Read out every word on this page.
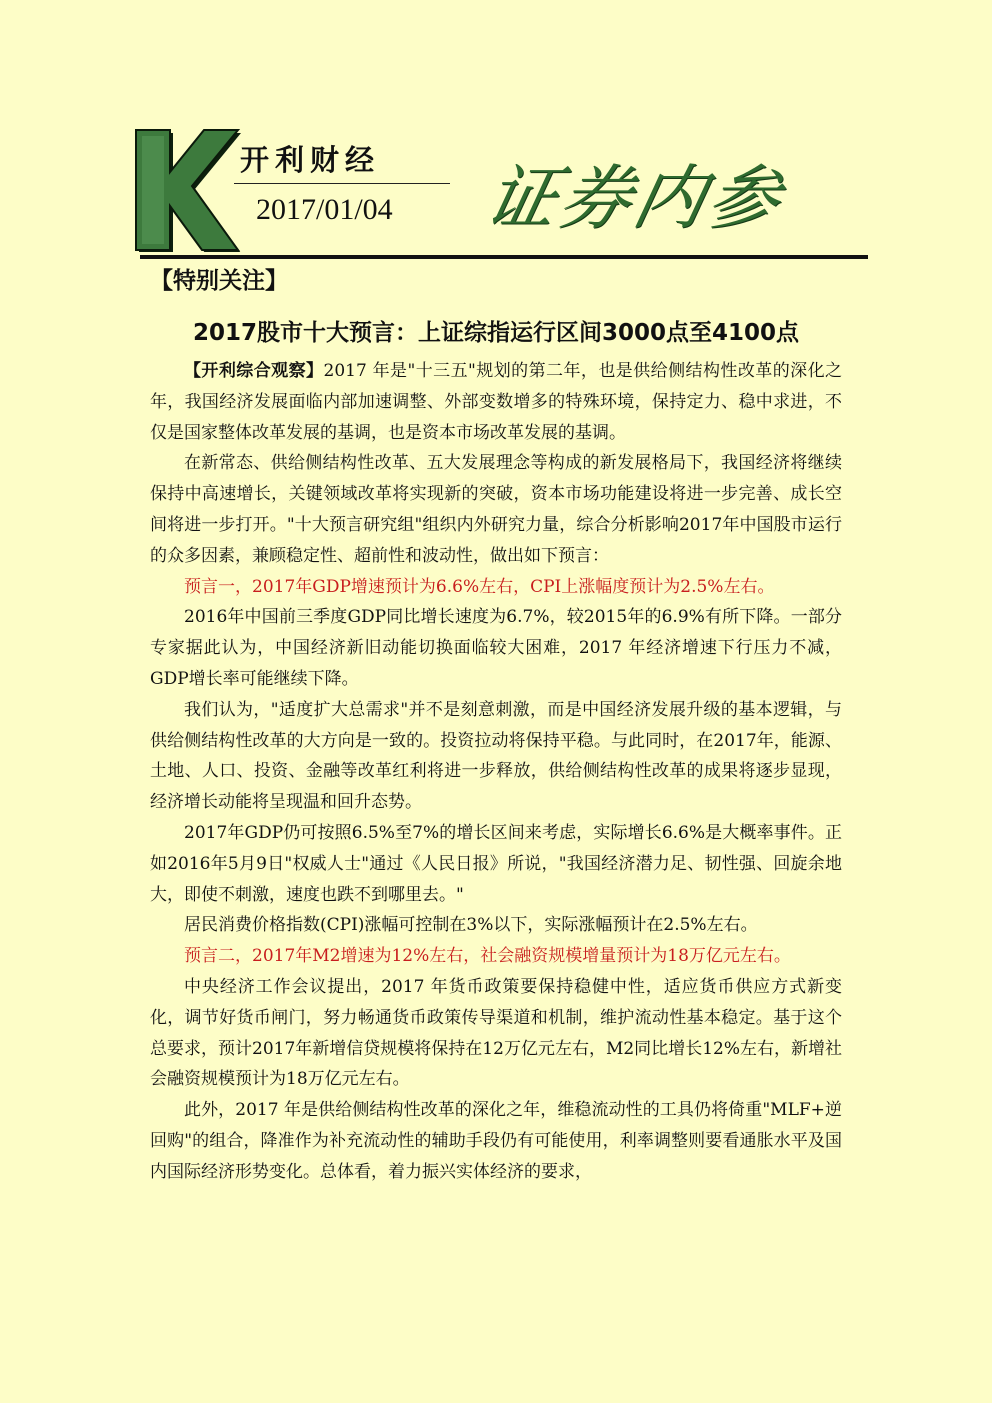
开利财经
2017/01/04 证券内参
【特别关注】
2017股市十大预言：上证综指运行区间3000点至4100点

【开利综合观察】2017 年是"十三五"规划的第二年，也是供给侧结构性改革的深化之年，我国经济发展面临内部加速调整、外部变数增多的特殊环境，保持定力、稳中求进，不仅是国家整体改革发展的基调，也是资本市场改革发展的基调。

在新常态、供给侧结构性改革、五大发展理念等构成的新发展格局下，我国经济将继续保持中高速增长，关键领域改革将实现新的突破，资本市场功能建设将进一步完善、成长空间将进一步打开。"十大预言研究组"组织内外研究力量，综合分析影响2017年中国股市运行的众多因素，兼顾稳定性、超前性和波动性，做出如下预言：

预言一，2017年GDP增速预计为6.6%左右，CPI上涨幅度预计为2.5%左右。

2016年中国前三季度GDP同比增长速度为6.7%，较2015年的6.9%有所下降。一部分专家据此认为，中国经济新旧动能切换面临较大困难，2017 年经济增速下行压力不减，GDP增长率可能继续下降。

我们认为，"适度扩大总需求"并不是刻意刺激，而是中国经济发展升级的基本逻辑，与供给侧结构性改革的大方向是一致的。投资拉动将保持平稳。与此同时，在2017年，能源、土地、人口、投资、金融等改革红利将进一步释放，供给侧结构性改革的成果将逐步显现，经济增长动能将呈现温和回升态势。

2017年GDP仍可按照6.5%至7%的增长区间来考虑，实际增长6.6%是大概率事件。正如2016年5月9日"权威人士"通过《人民日报》所说，"我国经济潜力足、韧性强、回旋余地大，即使不刺激，速度也跌不到哪里去。"

居民消费价格指数(CPI)涨幅可控制在3%以下，实际涨幅预计在2.5%左右。

预言二，2017年M2增速为12%左右，社会融资规模增量预计为18万亿元左右。

中央经济工作会议提出，2017 年货币政策要保持稳健中性，适应货币供应方式新变化，调节好货币闸门，努力畅通货币政策传导渠道和机制，维护流动性基本稳定。基于这个总要求，预计2017年新增信贷规模将保持在12万亿元左右，M2同比增长12%左右，新增社会融资规模预计为18万亿元左右。

此外，2017 年是供给侧结构性改革的深化之年，维稳流动性的工具仍将倚重"MLF+逆回购"的组合，降准作为补充流动性的辅助手段仍有可能使用，利率调整则要看通胀水平及国内国际经济形势变化。总体看，着力振兴实体经济的要求，
